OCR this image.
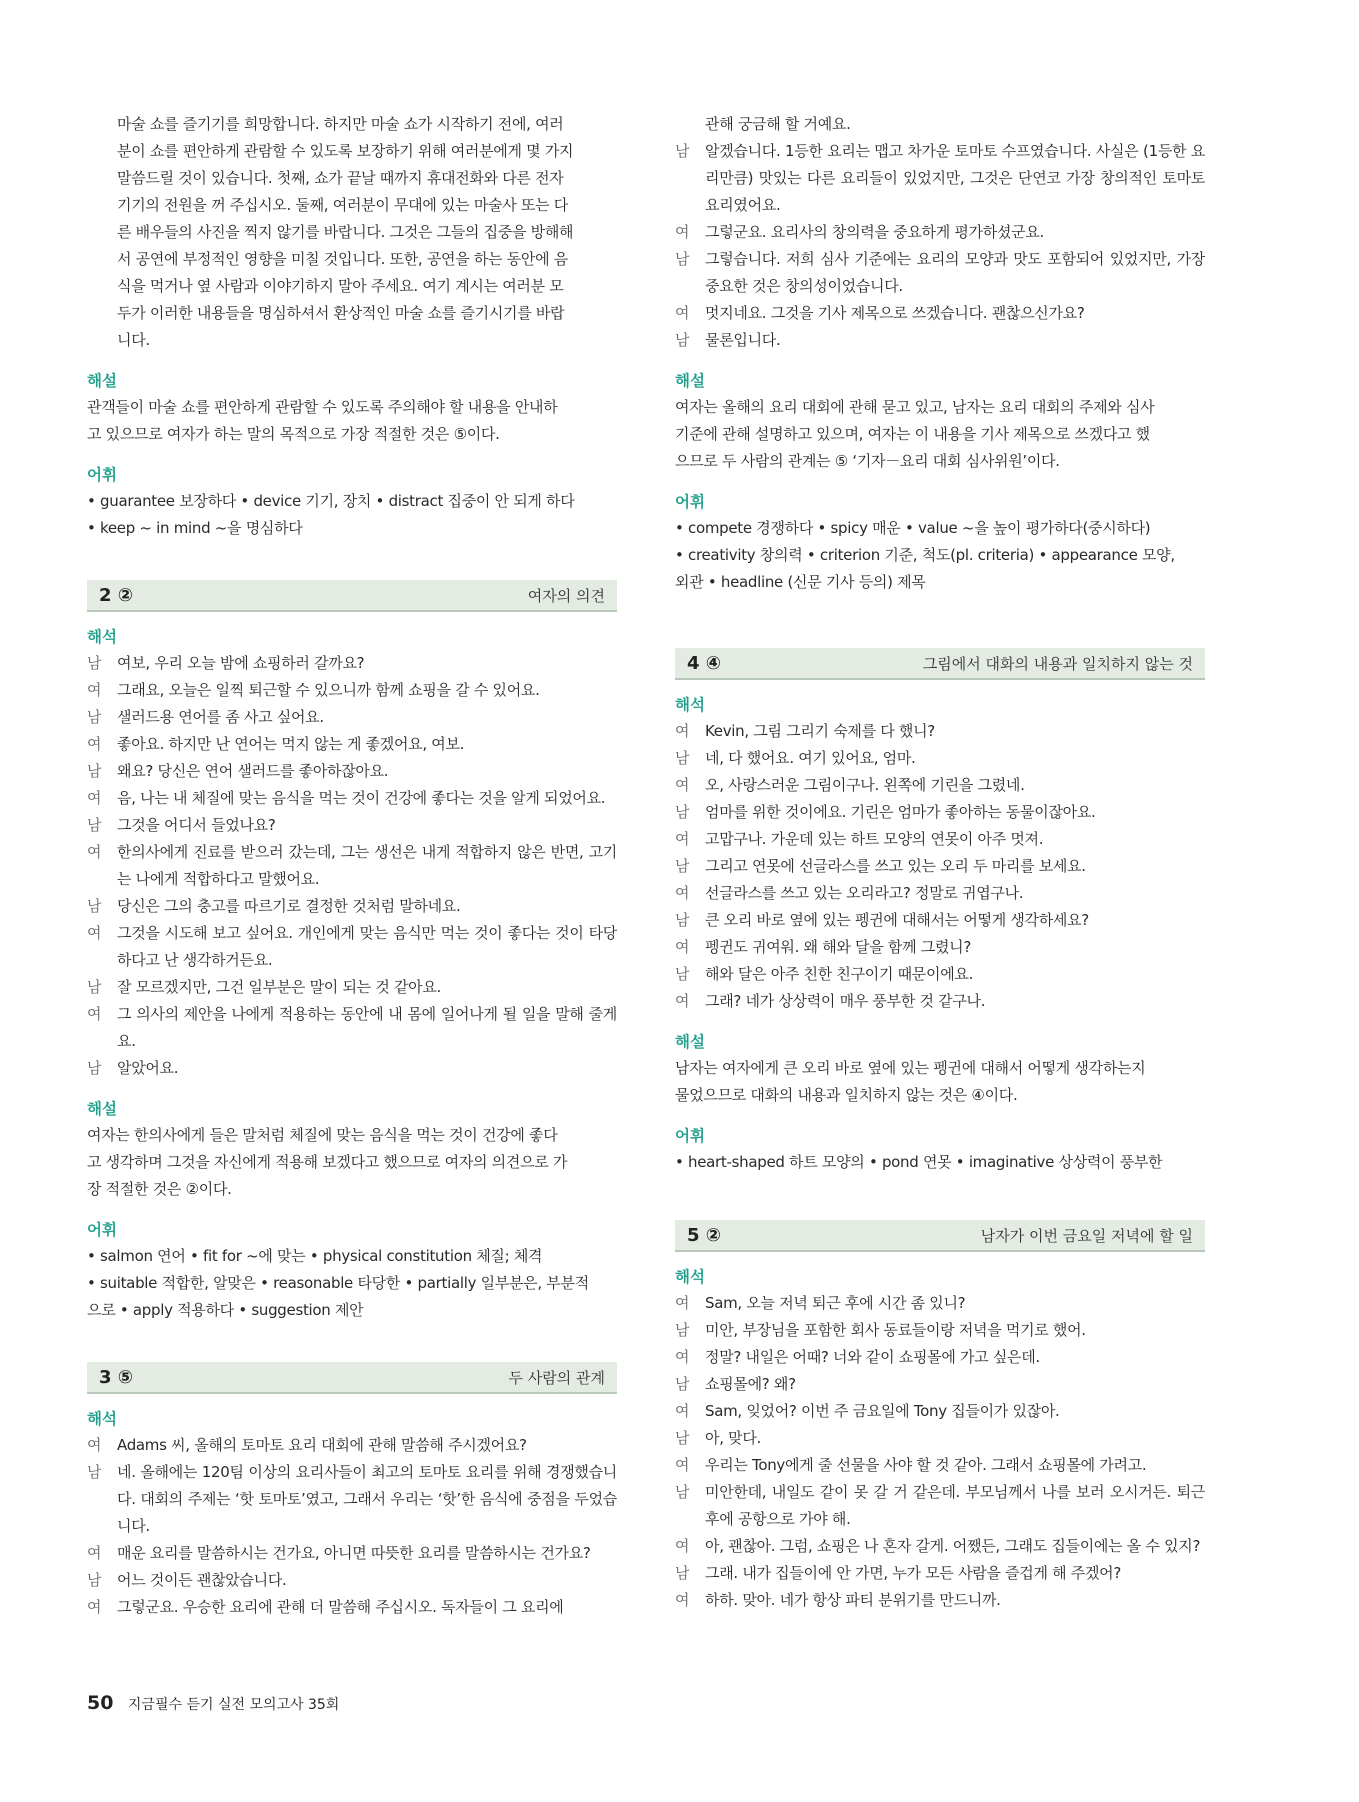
마술 쇼를 즐기기를 희망합니다. 하지만 마술 쇼가 시작하기 전에, 여러
분이 쇼를 편안하게 관람할 수 있도록 보장하기 위해 여러분에게 몇 가지
말씀드릴 것이 있습니다. 첫째, 쇼가 끝날 때까지 휴대전화와 다른 전자
기기의 전원을 꺼 주십시오. 둘째, 여러분이 무대에 있는 마술사 또는 다
른 배우들의 사진을 찍지 않기를 바랍니다. 그것은 그들의 집중을 방해해
서 공연에 부정적인 영향을 미칠 것입니다. 또한, 공연을 하는 동안에 음
식을 먹거나 옆 사람과 이야기하지 말아 주세요. 여기 계시는 여러분 모
두가 이러한 내용들을 명심하셔서 환상적인 마술 쇼를 즐기시기를 바랍
니다.
해설
관객들이 마술 쇼를 편안하게 관람할 수 있도록 주의해야 할 내용을 안내하
고 있으므로 여자가 하는 말의 목적으로 가장 적절한 것은 ⑤이다.
어휘
• guarantee 보장하다 • device 기기, 장치 • distract 집중이 안 되게 하다
• keep ~ in mind ~을 명심하다
2 ②	여자의 의견
해석
남	여보, 우리 오늘 밤에 쇼핑하러 갈까요?
여	그래요, 오늘은 일찍 퇴근할 수 있으니까 함께 쇼핑을 갈 수 있어요.
남	샐러드용 연어를 좀 사고 싶어요.
여	좋아요. 하지만 난 연어는 먹지 않는 게 좋겠어요, 여보.
남	왜요? 당신은 연어 샐러드를 좋아하잖아요.
여	음, 나는 내 체질에 맞는 음식을 먹는 것이 건강에 좋다는 것을 알게 되었어요.
남	그것을 어디서 들었나요?
여	한의사에게 진료를 받으러 갔는데, 그는 생선은 내게 적합하지 않은 반면, 고기는 나에게 적합하다고 말했어요.
남	당신은 그의 충고를 따르기로 결정한 것처럼 말하네요.
여	그것을 시도해 보고 싶어요. 개인에게 맞는 음식만 먹는 것이 좋다는 것이 타당하다고 난 생각하거든요.
남	잘 모르겠지만, 그건 일부분은 말이 되는 것 같아요.
여	그 의사의 제안을 나에게 적용하는 동안에 내 몸에 일어나게 될 일을 말해 줄게요.
남	알았어요.
해설
여자는 한의사에게 들은 말처럼 체질에 맞는 음식을 먹는 것이 건강에 좋다
고 생각하며 그것을 자신에게 적용해 보겠다고 했으므로 여자의 의견으로 가
장 적절한 것은 ②이다.
어휘
• salmon 연어 • fit for ~에 맞는 • physical constitution 체질; 체격
• suitable 적합한, 알맞은 • reasonable 타당한 • partially 일부분은, 부분적
으로 • apply 적용하다 • suggestion 제안
3 ⑤	두 사람의 관계
해석
여	Adams 씨, 올해의 토마토 요리 대회에 관해 말씀해 주시겠어요?
남	네. 올해에는 120팀 이상의 요리사들이 최고의 토마토 요리를 위해 경쟁했습니다. 대회의 주제는 ‘핫 토마토’였고, 그래서 우리는 ‘핫’한 음식에 중점을 두었습니다.
여	매운 요리를 말씀하시는 건가요, 아니면 따뜻한 요리를 말씀하시는 건가요?
남	어느 것이든 괜찮았습니다.
여	그렇군요. 우승한 요리에 관해 더 말씀해 주십시오. 독자들이 그 요리에
관해 궁금해 할 거예요.
남	알겠습니다. 1등한 요리는 맵고 차가운 토마토 수프였습니다. 사실은 (1등한 요리만큼) 맛있는 다른 요리들이 있었지만, 그것은 단연코 가장 창의적인 토마토 요리였어요.
여	그렇군요. 요리사의 창의력을 중요하게 평가하셨군요.
남	그렇습니다. 저희 심사 기준에는 요리의 모양과 맛도 포함되어 있었지만, 가장 중요한 것은 창의성이었습니다.
여	멋지네요. 그것을 기사 제목으로 쓰겠습니다. 괜찮으신가요?
남	물론입니다.
해설
여자는 올해의 요리 대회에 관해 묻고 있고, 남자는 요리 대회의 주제와 심사
기준에 관해 설명하고 있으며, 여자는 이 내용을 기사 제목으로 쓰겠다고 했
으므로 두 사람의 관계는 ⑤ ‘기자－요리 대회 심사위원’이다.
어휘
• compete 경쟁하다 • spicy 매운 • value ~을 높이 평가하다(중시하다)
• creativity 창의력 • criterion 기준, 척도(pl. criteria) • appearance 모양,
외관 • headline (신문 기사 등의) 제목
4 ④	그림에서 대화의 내용과 일치하지 않는 것
해석
여	Kevin, 그림 그리기 숙제를 다 했니?
남	네, 다 했어요. 여기 있어요, 엄마.
여	오, 사랑스러운 그림이구나. 왼쪽에 기린을 그렸네.
남	엄마를 위한 것이에요. 기린은 엄마가 좋아하는 동물이잖아요.
여	고맙구나. 가운데 있는 하트 모양의 연못이 아주 멋져.
남	그리고 연못에 선글라스를 쓰고 있는 오리 두 마리를 보세요.
여	선글라스를 쓰고 있는 오리라고? 정말로 귀엽구나.
남	큰 오리 바로 옆에 있는 펭귄에 대해서는 어떻게 생각하세요?
여	펭귄도 귀여워. 왜 해와 달을 함께 그렸니?
남	해와 달은 아주 친한 친구이기 때문이에요.
여	그래? 네가 상상력이 매우 풍부한 것 같구나.
해설
남자는 여자에게 큰 오리 바로 옆에 있는 펭귄에 대해서 어떻게 생각하는지
물었으므로 대화의 내용과 일치하지 않는 것은 ④이다.
어휘
• heart-shaped 하트 모양의 • pond 연못 • imaginative 상상력이 풍부한
5 ②	남자가 이번 금요일 저녁에 할 일
해석
여	Sam, 오늘 저녁 퇴근 후에 시간 좀 있니?
남	미안, 부장님을 포함한 회사 동료들이랑 저녁을 먹기로 했어.
여	정말? 내일은 어때? 너와 같이 쇼핑몰에 가고 싶은데.
남	쇼핑몰에? 왜?
여	Sam, 잊었어? 이번 주 금요일에 Tony 집들이가 있잖아.
남	아, 맞다.
여	우리는 Tony에게 줄 선물을 사야 할 것 같아. 그래서 쇼핑몰에 가려고.
남	미안한데, 내일도 같이 못 갈 거 같은데. 부모님께서 나를 보러 오시거든. 퇴근 후에 공항으로 가야 해.
여	아, 괜찮아. 그럼, 쇼핑은 나 혼자 갈게. 어쨌든, 그래도 집들이에는 올 수 있지?
남	그래. 내가 집들이에 안 가면, 누가 모든 사람을 즐겁게 해 주겠어?
여	하하. 맞아. 네가 항상 파티 분위기를 만드니까.
50 지금필수 듣기 실전 모의고사 35회
